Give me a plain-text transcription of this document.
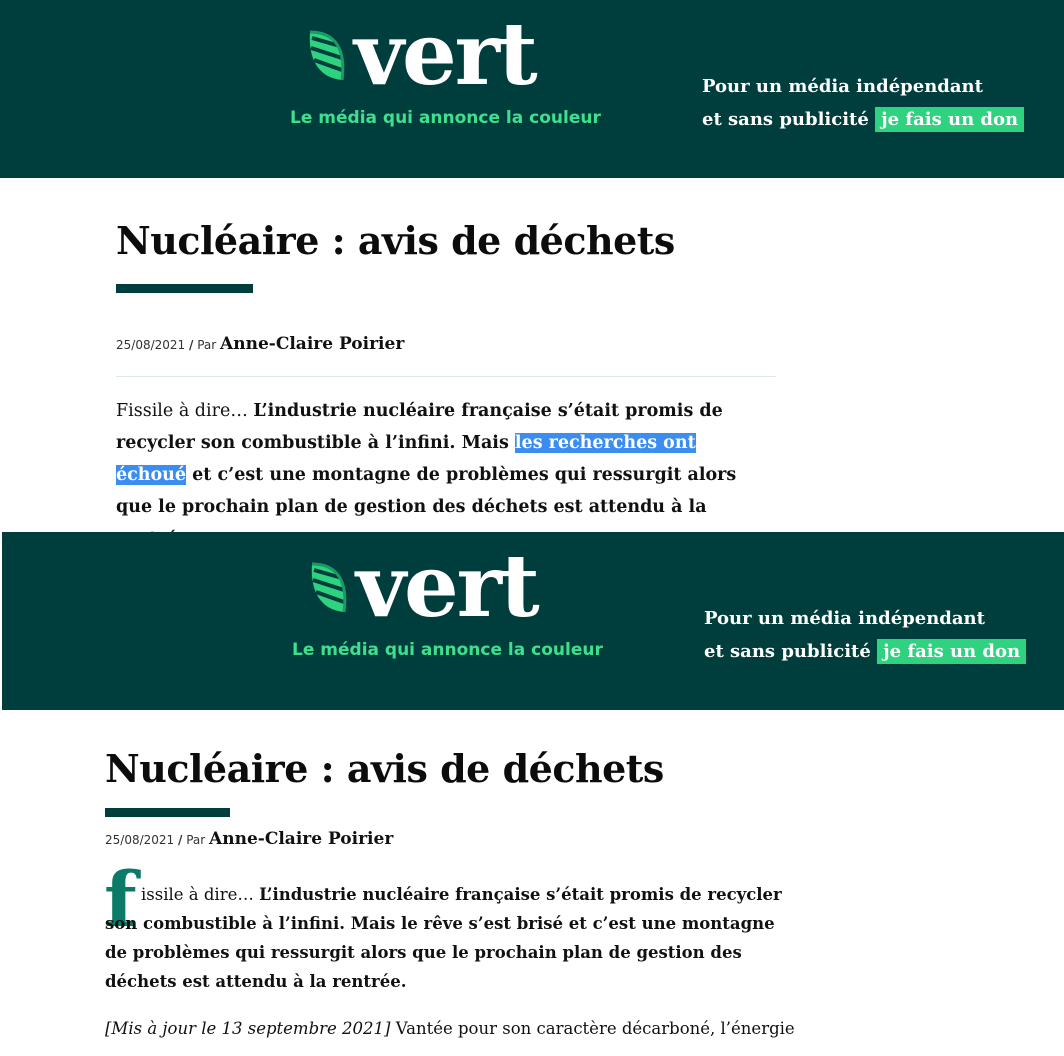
vert
Le média qui annonce la couleur
Pour un média indépendant
et sans publicité je fais un don
Nucléaire : avis de déchets
25/08/2021 / Par Anne-Claire Poirier
Fissile à dire… L’industrie nucléaire française s’était promis de recycler son combustible à l’infini. Mais les recherches ont échoué et c’est une montagne de problèmes qui ressurgit alors que le prochain plan de gestion des déchets est attendu à la
vert
Le média qui annonce la couleur
Pour un média indépendant
et sans publicité je fais un don
Nucléaire : avis de déchets
25/08/2021 / Par Anne-Claire Poirier
f issile à dire… L’industrie nucléaire française s’était promis de recycler son combustible à l’infini. Mais le rêve s’est brisé et c’est une montagne de problèmes qui ressurgit alors que le prochain plan de gestion des déchets est attendu à la rentrée.
[Mis à jour le 13 septembre 2021] Vantée pour son caractère décarboné, l’énergie
